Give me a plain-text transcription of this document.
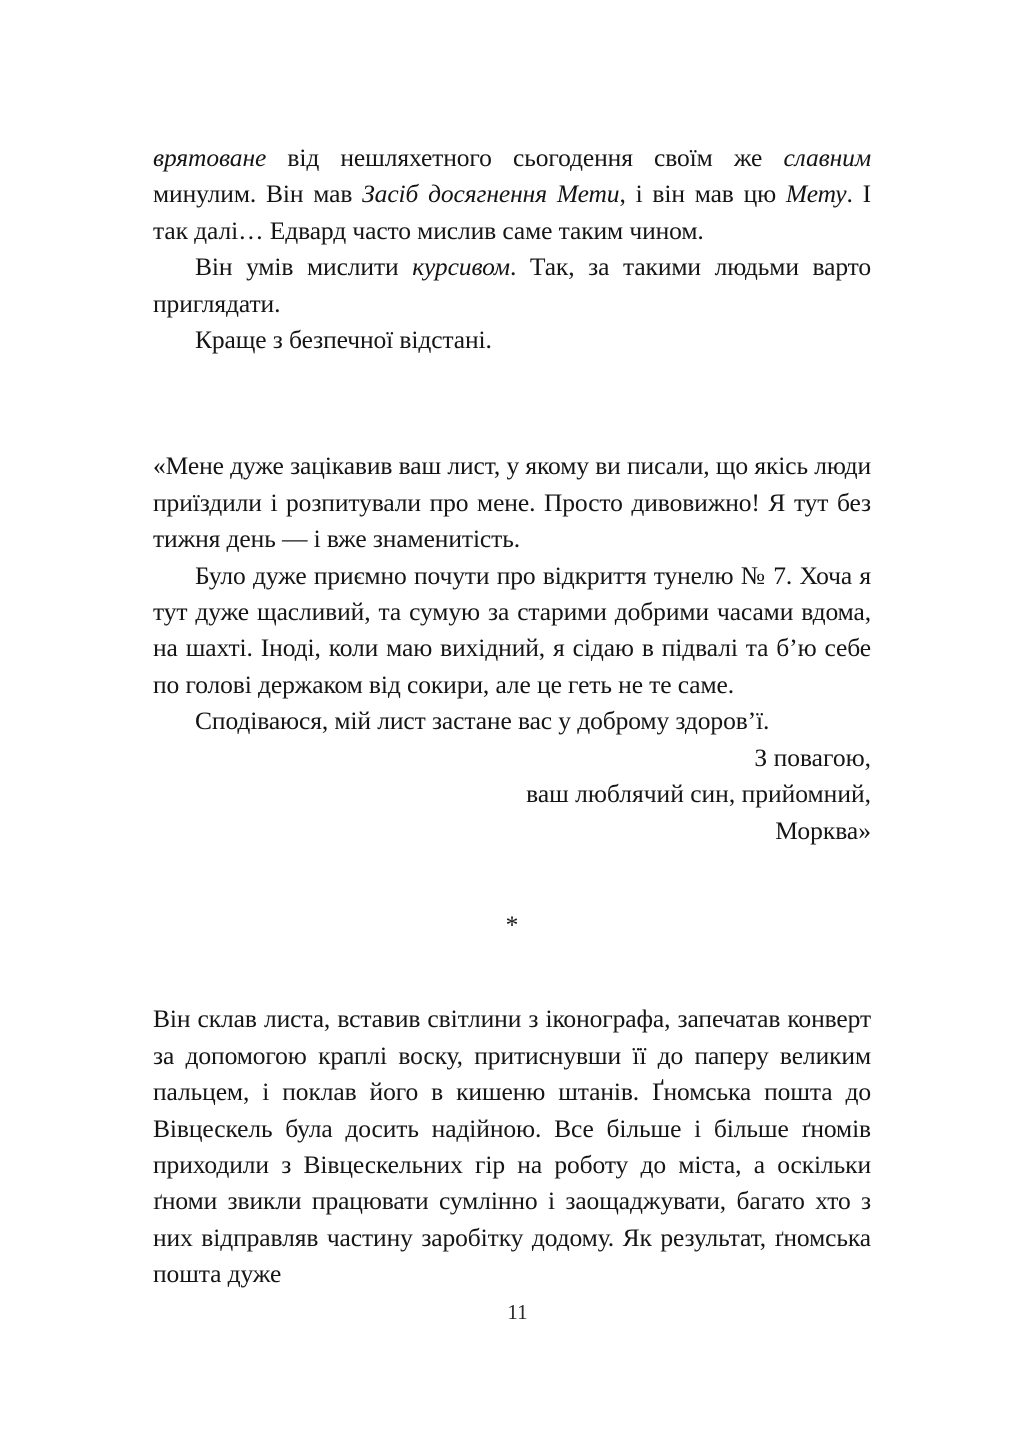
врятоване від нешляхетного сьогодення своїм же славним минулим. Він мав Засіб досягнення Мети, і він мав цю Мету. І так далі… Едвард часто мислив саме таким чином.

Він умів мислити курсивом. Так, за такими людьми варто приглядати.

Краще з безпечної відстані.

«Мене дуже зацікавив ваш лист, у якому ви писали, що якісь люди приїздили і розпитували про мене. Просто дивовижно! Я тут без тижня день — і вже знаменитість.

Було дуже приємно почути про відкриття тунелю № 7. Хоча я тут дуже щасливий, та сумую за старими добрими часами вдома, на шахті. Іноді, коли маю вихідний, я сідаю в підвалі та б’ю себе по голові держаком від сокири, але це геть не те саме.

Сподіваюся, мій лист застане вас у доброму здоров’ї.

З повагою,

ваш люблячий син, прийомний,

Морква»

*

Він склав листа, вставив світлини з іконографа, запечатав конверт за допомогою краплі воску, притиснувши її до паперу великим пальцем, і поклав його в кишеню штанів. Ґномська пошта до Вівцескель була досить надійною. Все більше і більше ґномів приходили з Вівцескельних гір на роботу до міста, а оскільки ґноми звикли працювати сумлінно і заощаджувати, багато хто з них відправляв частину заробітку додому. Як результат, ґномська пошта дуже

11
